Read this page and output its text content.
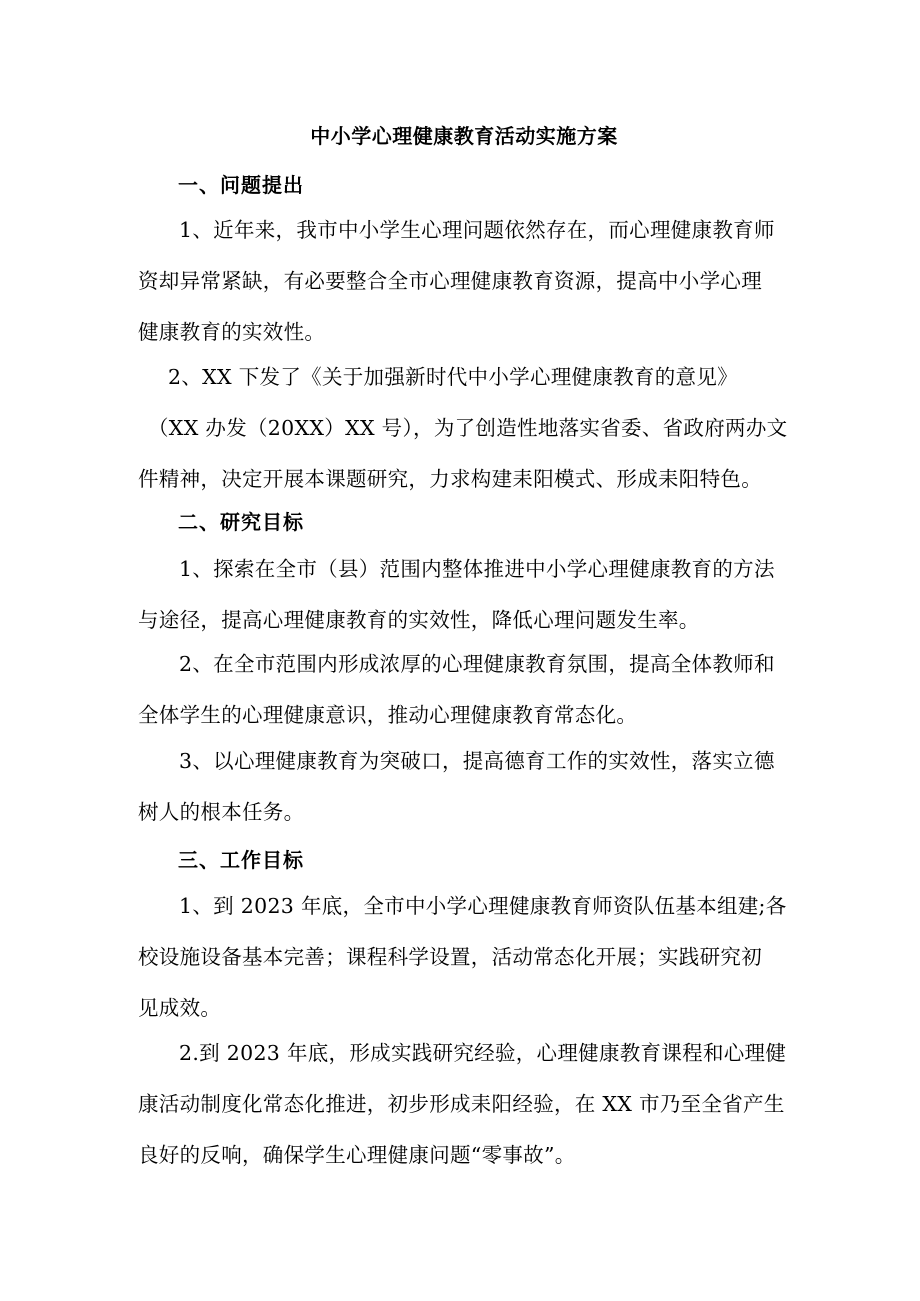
中小学心理健康教育活动实施方案
一、问题提出
1、近年来，我市中小学生心理问题依然存在，而心理健康教育师
资却异常紧缺，有必要整合全市心理健康教育资源，提高中小学心理
健康教育的实效性。
2、XX 下发了《关于加强新时代中小学心理健康教育的意见》
（XX 办发（20XX）XX 号），为了创造性地落实省委、省政府两办文
件精神，决定开展本课题研究，力求构建耒阳模式、形成耒阳特色。
二、研究目标
1、探索在全市（县）范围内整体推进中小学心理健康教育的方法
与途径，提高心理健康教育的实效性，降低心理问题发生率。
2、在全市范围内形成浓厚的心理健康教育氛围，提高全体教师和
全体学生的心理健康意识，推动心理健康教育常态化。
3、以心理健康教育为突破口，提高德育工作的实效性，落实立德
树人的根本任务。
三、工作目标
1、到 2023 年底，全市中小学心理健康教育师资队伍基本组建;各
校设施设备基本完善；课程科学设置，活动常态化开展；实践研究初
见成效。
2.到 2023 年底，形成实践研究经验，心理健康教育课程和心理健
康活动制度化常态化推进，初步形成耒阳经验，在 XX 市乃至全省产生
良好的反响，确保学生心理健康问题“零事故”。
